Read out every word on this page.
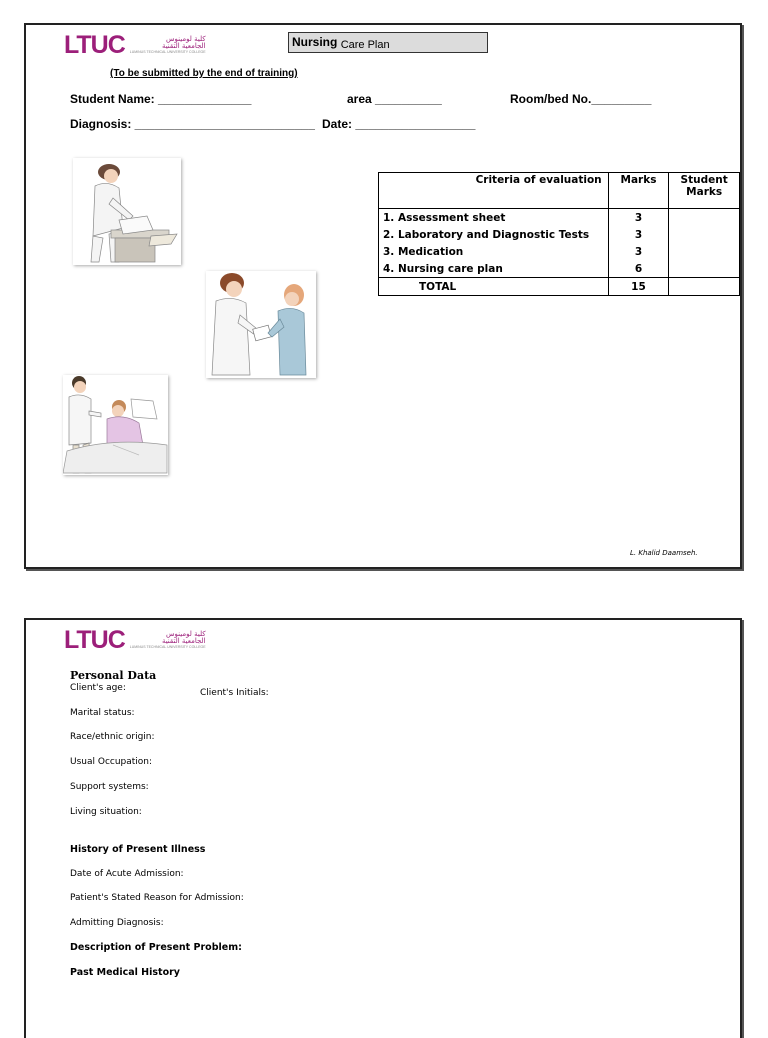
LTUC	كلية لومينوس
الجامعية التقنية
LUMINUS TECHNICAL UNIVERSITY COLLEGE
Nursing Care Plan
(To be submitted by the end of training)
Student Name: ______________	area __________	Room/bed No._________
Diagnosis: ___________________________ Date: __________________
Criteria of evaluation	Marks	Student Marks
1. Assessment sheet	3	
2. Laboratory and Diagnostic Tests	3	
3. Medication	3	
4. Nursing care plan	6	
TOTAL	15	
L. Khalid Daamseh.
LTUC	كلية لومينوس
الجامعية التقنية
LUMINUS TECHNICAL UNIVERSITY COLLEGE
Personal Data
Client's age:	Client's Initials:
Marital status:
Race/ethnic origin:
Usual Occupation:
Support systems:
Living situation:
History of Present Illness
Date of Acute Admission:
Patient's Stated Reason for Admission:
Admitting Diagnosis:
Description of Present Problem:
Past Medical History
